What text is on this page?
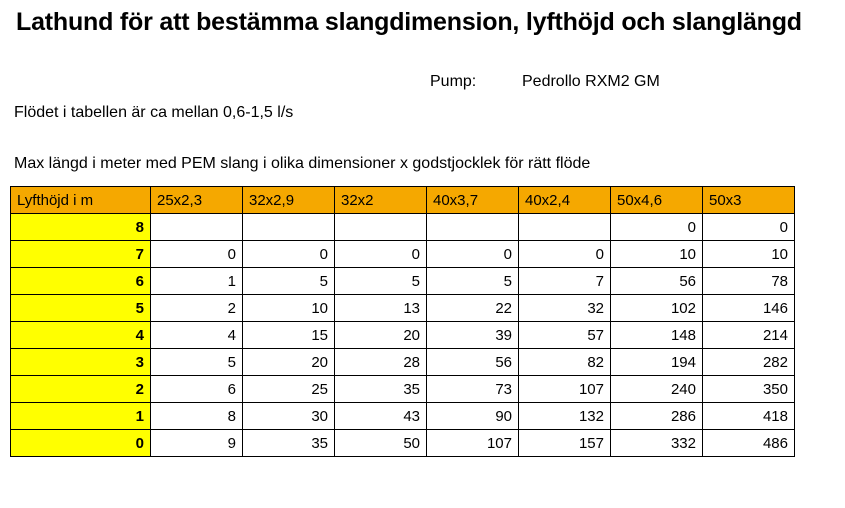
Lathund för att bestämma slangdimension, lyfthöjd och slanglängd
Pump:	Pedrollo RXM2 GM
Flödet i tabellen är ca mellan 0,6-1,5 l/s
Max längd i meter med PEM slang i olika dimensioner x godstjocklek för rätt flöde
Lyfthöjd i m	25x2,3	32x2,9	32x2	40x3,7	40x2,4	50x4,6	50x3
8						0	0
7	0	0	0	0	0	10	10
6	1	5	5	5	7	56	78
5	2	10	13	22	32	102	146
4	4	15	20	39	57	148	214
3	5	20	28	56	82	194	282
2	6	25	35	73	107	240	350
1	8	30	43	90	132	286	418
0	9	35	50	107	157	332	486
